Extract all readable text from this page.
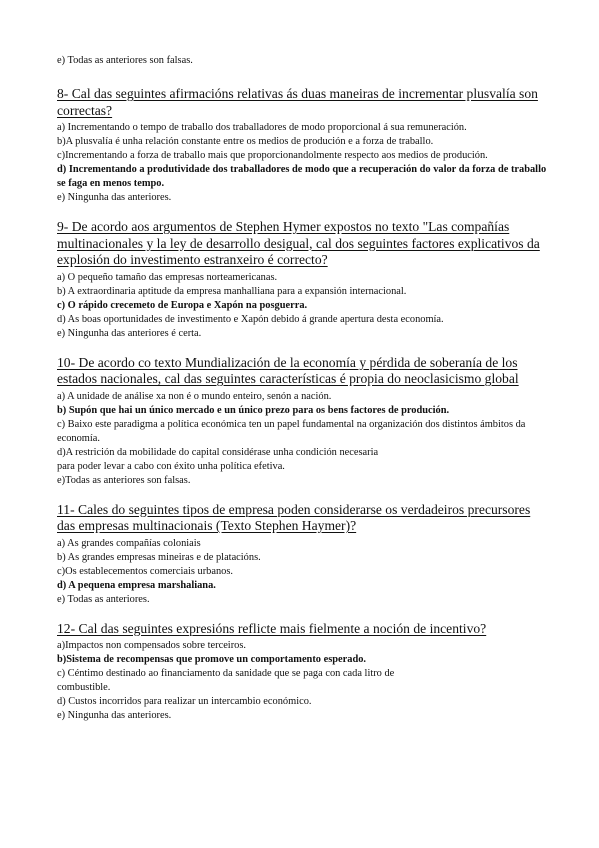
e) Todas as anteriores son falsas.
8- Cal das seguintes afirmacións relativas ás duas maneiras de incrementar plusvalía son correctas?
a) Incrementando o tempo de traballo dos traballadores de modo proporcional á sua remuneración.
b)A plusvalía é unha relación constante entre os medios de produción e a forza de traballo.
c)Incrementando a forza de traballo mais que proporcionandolmente respecto aos medios de produción.
d) Incrementando a produtividade dos traballadores de modo que a recuperación do valor da forza de traballo se faga en menos tempo.
e) Ningunha das anteriores.
9- De acordo aos argumentos de Stephen Hymer expostos no texto "Las compañías multinacionales y la ley de desarrollo desigual, cal dos seguintes factores explicativos da explosión do investimento estranxeiro é correcto?
a) O pequeño tamaño das empresas norteamericanas.
b) A extraordinaria aptitude da empresa manhalliana para a expansión internacional.
c) O rápido crecemeto de Europa e Xapón na posguerra.
d) As boas oportunidades de investimento e Xapón debido á grande apertura desta economía.
e) Ningunha das anteriores é certa.
10- De acordo co texto Mundialización de la economía y pérdida de soberanía de los estados nacionales, cal das seguintes características é propia do neoclasicismo global
a) A unidade de análise xa non é o mundo enteiro, senón a nación.
b) Supón que hai un único mercado e un único prezo para os bens factores de produción.
c) Baixo este paradigma a política económica ten un papel fundamental na organización dos distintos ámbitos da economía.
d)A restrición da mobilidade do capital considérase unha condición necesaria para poder levar a cabo con éxito unha política efetiva.
e)Todas as anteriores son falsas.
11- Cales do seguintes tipos de empresa poden considerarse os verdadeiros precursores das empresas multinacionais (Texto Stephen Haymer)?
a) As grandes compañías coloniais
b) As grandes empresas mineiras e de platacións.
c)Os establecementos comerciais urbanos.
d) A pequena empresa marshaliana.
e) Todas as anteriores.
12- Cal das seguintes expresións reflicte mais fielmente a noción de incentivo?
a)Impactos non compensados sobre terceiros.
b)Sistema de recompensas que promove un comportamento esperado.
c) Céntimo destinado ao financiamento da sanidade que se paga con cada litro de combustible.
d) Custos incorridos para realizar un intercambio económico.
e) Ningunha das anteriores.
